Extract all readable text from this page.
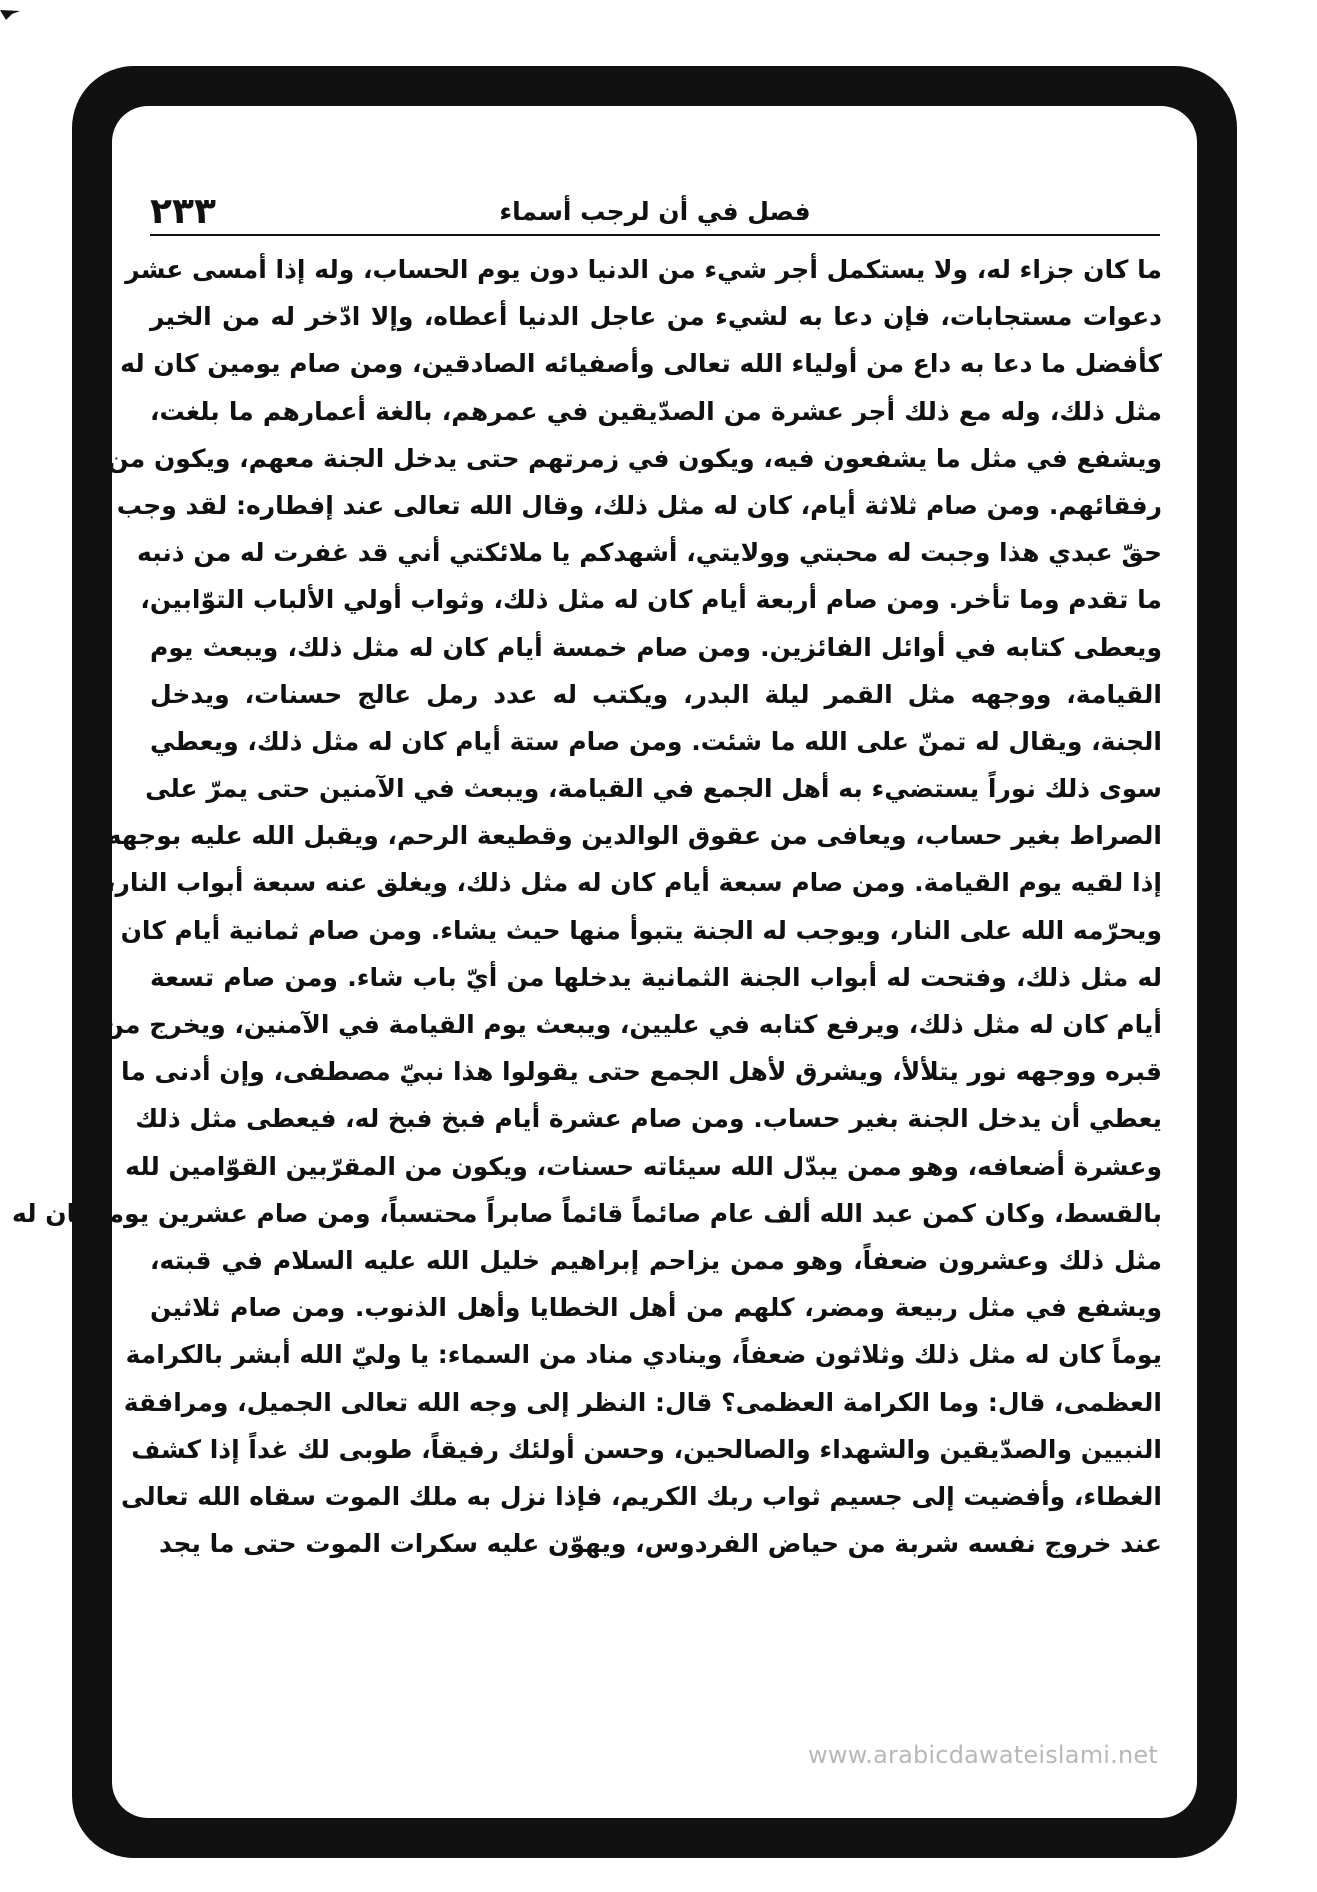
٢٣٣	فصل في أن لرجب أسماء
ما كان جزاء له، ولا يستكمل أجر شيء من الدنيا دون يوم الحساب، وله إذا أمسى عشر
دعوات مستجابات، فإن دعا به لشيء من عاجل الدنيا أعطاه، وإلا ادّخر له من الخير
كأفضل ما دعا به داع من أولياء الله تعالى وأصفيائه الصادقين، ومن صام يومين كان له
مثل ذلك، وله مع ذلك أجر عشرة من الصدّيقين في عمرهم، بالغة أعمارهم ما بلغت،
ويشفع في مثل ما يشفعون فيه، ويكون في زمرتهم حتى يدخل الجنة معهم، ويكون من
رفقائهم. ومن صام ثلاثة أيام، كان له مثل ذلك، وقال الله تعالى عند إفطاره: لقد وجب
حقّ عبدي هذا وجبت له محبتي وولايتي، أشهدكم يا ملائكتي أني قد غفرت له من ذنبه
ما تقدم وما تأخر. ومن صام أربعة أيام كان له مثل ذلك، وثواب أولي الألباب التوّابين،
ويعطى كتابه في أوائل الفائزين. ومن صام خمسة أيام كان له مثل ذلك، ويبعث يوم
القيامة، ووجهه مثل القمر ليلة البدر، ويكتب له عدد رمل عالج حسنات، ويدخل
الجنة، ويقال له تمنّ على الله ما شئت. ومن صام ستة أيام كان له مثل ذلك، ويعطي
سوى ذلك نوراً يستضيء به أهل الجمع في القيامة، ويبعث في الآمنين حتى يمرّ على
الصراط بغير حساب، ويعافى من عقوق الوالدين وقطيعة الرحم، ويقبل الله عليه بوجهه
إذا لقيه يوم القيامة. ومن صام سبعة أيام كان له مثل ذلك، ويغلق عنه سبعة أبواب النار،
ويحرّمه الله على النار، ويوجب له الجنة يتبوأ منها حيث يشاء. ومن صام ثمانية أيام كان
له مثل ذلك، وفتحت له أبواب الجنة الثمانية يدخلها من أيّ باب شاء. ومن صام تسعة
أيام كان له مثل ذلك، ويرفع كتابه في عليين، ويبعث يوم القيامة في الآمنين، ويخرج من
قبره ووجهه نور يتلألأ، ويشرق لأهل الجمع حتى يقولوا هذا نبيّ مصطفى، وإن أدنى ما
يعطي أن يدخل الجنة بغير حساب. ومن صام عشرة أيام فبخ فبخ له، فيعطى مثل ذلك
وعشرة أضعافه، وهو ممن يبدّل الله سيئاته حسنات، ويكون من المقرّبين القوّامين لله
بالقسط، وكان كمن عبد الله ألف عام صائماً قائماً صابراً محتسباً، ومن صام عشرين يوماً كان له
مثل ذلك وعشرون ضعفاً، وهو ممن يزاحم إبراهيم خليل الله عليه السلام في قبته،
ويشفع في مثل ربيعة ومضر، كلهم من أهل الخطايا وأهل الذنوب. ومن صام ثلاثين
يوماً كان له مثل ذلك وثلاثون ضعفاً، وينادي مناد من السماء: يا وليّ الله أبشر بالكرامة
العظمى، قال: وما الكرامة العظمى؟ قال: النظر إلى وجه الله تعالى الجميل، ومرافقة
النبيين والصدّيقين والشهداء والصالحين، وحسن أولئك رفيقاً، طوبى لك غداً إذا كشف
الغطاء، وأفضيت إلى جسيم ثواب ربك الكريم، فإذا نزل به ملك الموت سقاه الله تعالى
عند خروج نفسه شربة من حياض الفردوس، ويهوّن عليه سكرات الموت حتى ما يجد
www.arabicdawateislami.net
